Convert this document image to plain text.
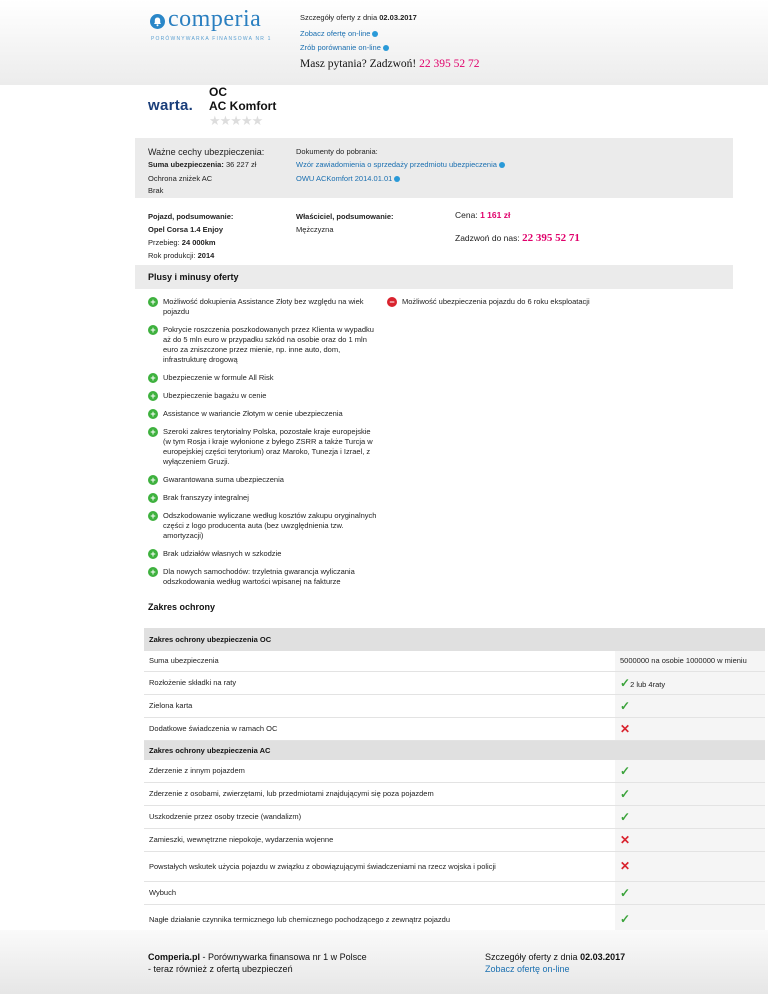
comperia
PORÓWNYWARKA FINANSOWA NR 1
Szczegóły oferty z dnia 02.03.2017
Zobacz ofertę on-line
Zrób porównanie on-line
Masz pytania? Zadzwoń! 22 395 52 72
warta.
OC
AC Komfort
★★★★★
Ważne cechy ubezpieczenia:
Suma ubezpieczenia: 36 227 zł
Ochrona zniżek AC
Brak
Dokumenty do pobrania:
Wzór zawiadomienia o sprzedaży przedmiotu ubezpieczenia
OWU ACKomfort 2014.01.01
Pojazd, podsumowanie:
Opel Corsa 1.4 Enjoy
Przebieg: 24 000km
Rok produkcji: 2014
Właściciel, podsumowanie:
Mężczyzna
Cena: 1 161 zł
Zadzwoń do nas: 22 395 52 71
Plusy i minusy oferty
+ Możliwość dokupienia Assistance Złoty bez względu na wiek pojazdu
+ Pokrycie roszczenia poszkodowanych przez Klienta w wypadku aż do 5 mln euro w przypadku szkód na osobie oraz do 1 mln euro za zniszczone przez mienie, np. inne auto, dom, infrastrukturę drogową
+ Ubezpieczenie w formule All Risk
+ Ubezpieczenie bagażu w cenie
+ Assistance w wariancie Złotym w cenie ubezpieczenia
+ Szeroki zakres terytorialny Polska, pozostałe kraje europejskie (w tym Rosja i kraje wyłonione z byłego ZSRR a także Turcja w europejskiej części terytorium) oraz Maroko, Tunezja i Izrael, z wyłączeniem Gruzji.
+ Gwarantowana suma ubezpieczenia
+ Brak franszyzy integralnej
+ Odszkodowanie wyliczane według kosztów zakupu oryginalnych części z logo producenta auta (bez uwzględnienia tzw. amortyzacji)
+ Brak udziałów własnych w szkodzie
+ Dla nowych samochodów: trzyletnia gwarancja wyliczania odszkodowania według wartości wpisanej na fakturze
− Możliwość ubezpieczenia pojazdu do 6 roku eksploatacji
Zakres ochrony
Zakres ochrony ubezpieczenia OC	
Suma ubezpieczenia	5000000 na osobie 1000000 w mieniu
Rozłożenie składki na raty	✓2 lub 4raty
Zielona karta	✓
Dodatkowe świadczenia w ramach OC	✕
Zakres ochrony ubezpieczenia AC	
Zderzenie z innym pojazdem	✓
Zderzenie z osobami, zwierzętami, lub przedmiotami znajdującymi się poza pojazdem	✓
Uszkodzenie przez osoby trzecie (wandalizm)	✓
Zamieszki, wewnętrzne niepokoje, wydarzenia wojenne	✕
Powstałych wskutek użycia pojazdu w związku z obowiązującymi świadczeniami na rzecz wojska i policji	✕
Wybuch	✓
Nagłe działanie czynnika termicznego lub chemicznego pochodzącego z zewnątrz pojazdu	✓

Comperia.pl - Porównywarka finansowa nr 1 w Polsce
- teraz również z ofertą ubezpieczeń
Szczegóły oferty z dnia 02.03.2017
Zobacz ofertę on-line
